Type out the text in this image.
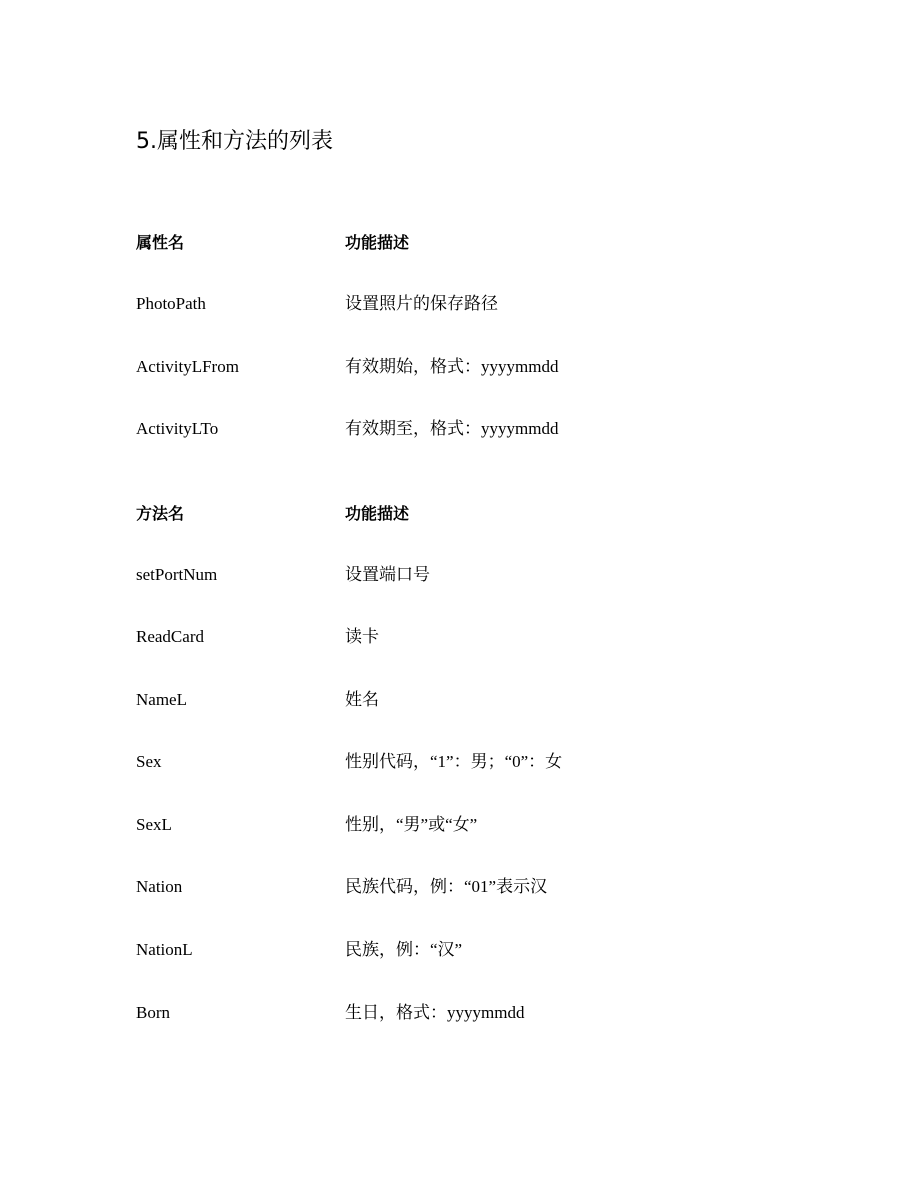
5.属性和方法的列表
属性名	功能描述
PhotoPath	设置照片的保存路径
ActivityLFrom	有效期始，格式：yyyymmdd
ActivityLTo	有效期至，格式：yyyymmdd
方法名	功能描述
setPortNum	设置端口号
ReadCard	读卡
NameL	姓名
Sex	性别代码，“1”：男；“0”：女
SexL	性别，“男”或“女”
Nation	民族代码，例：“01”表示汉
NationL	民族，例：“汉”
Born	生日，格式：yyyymmdd
